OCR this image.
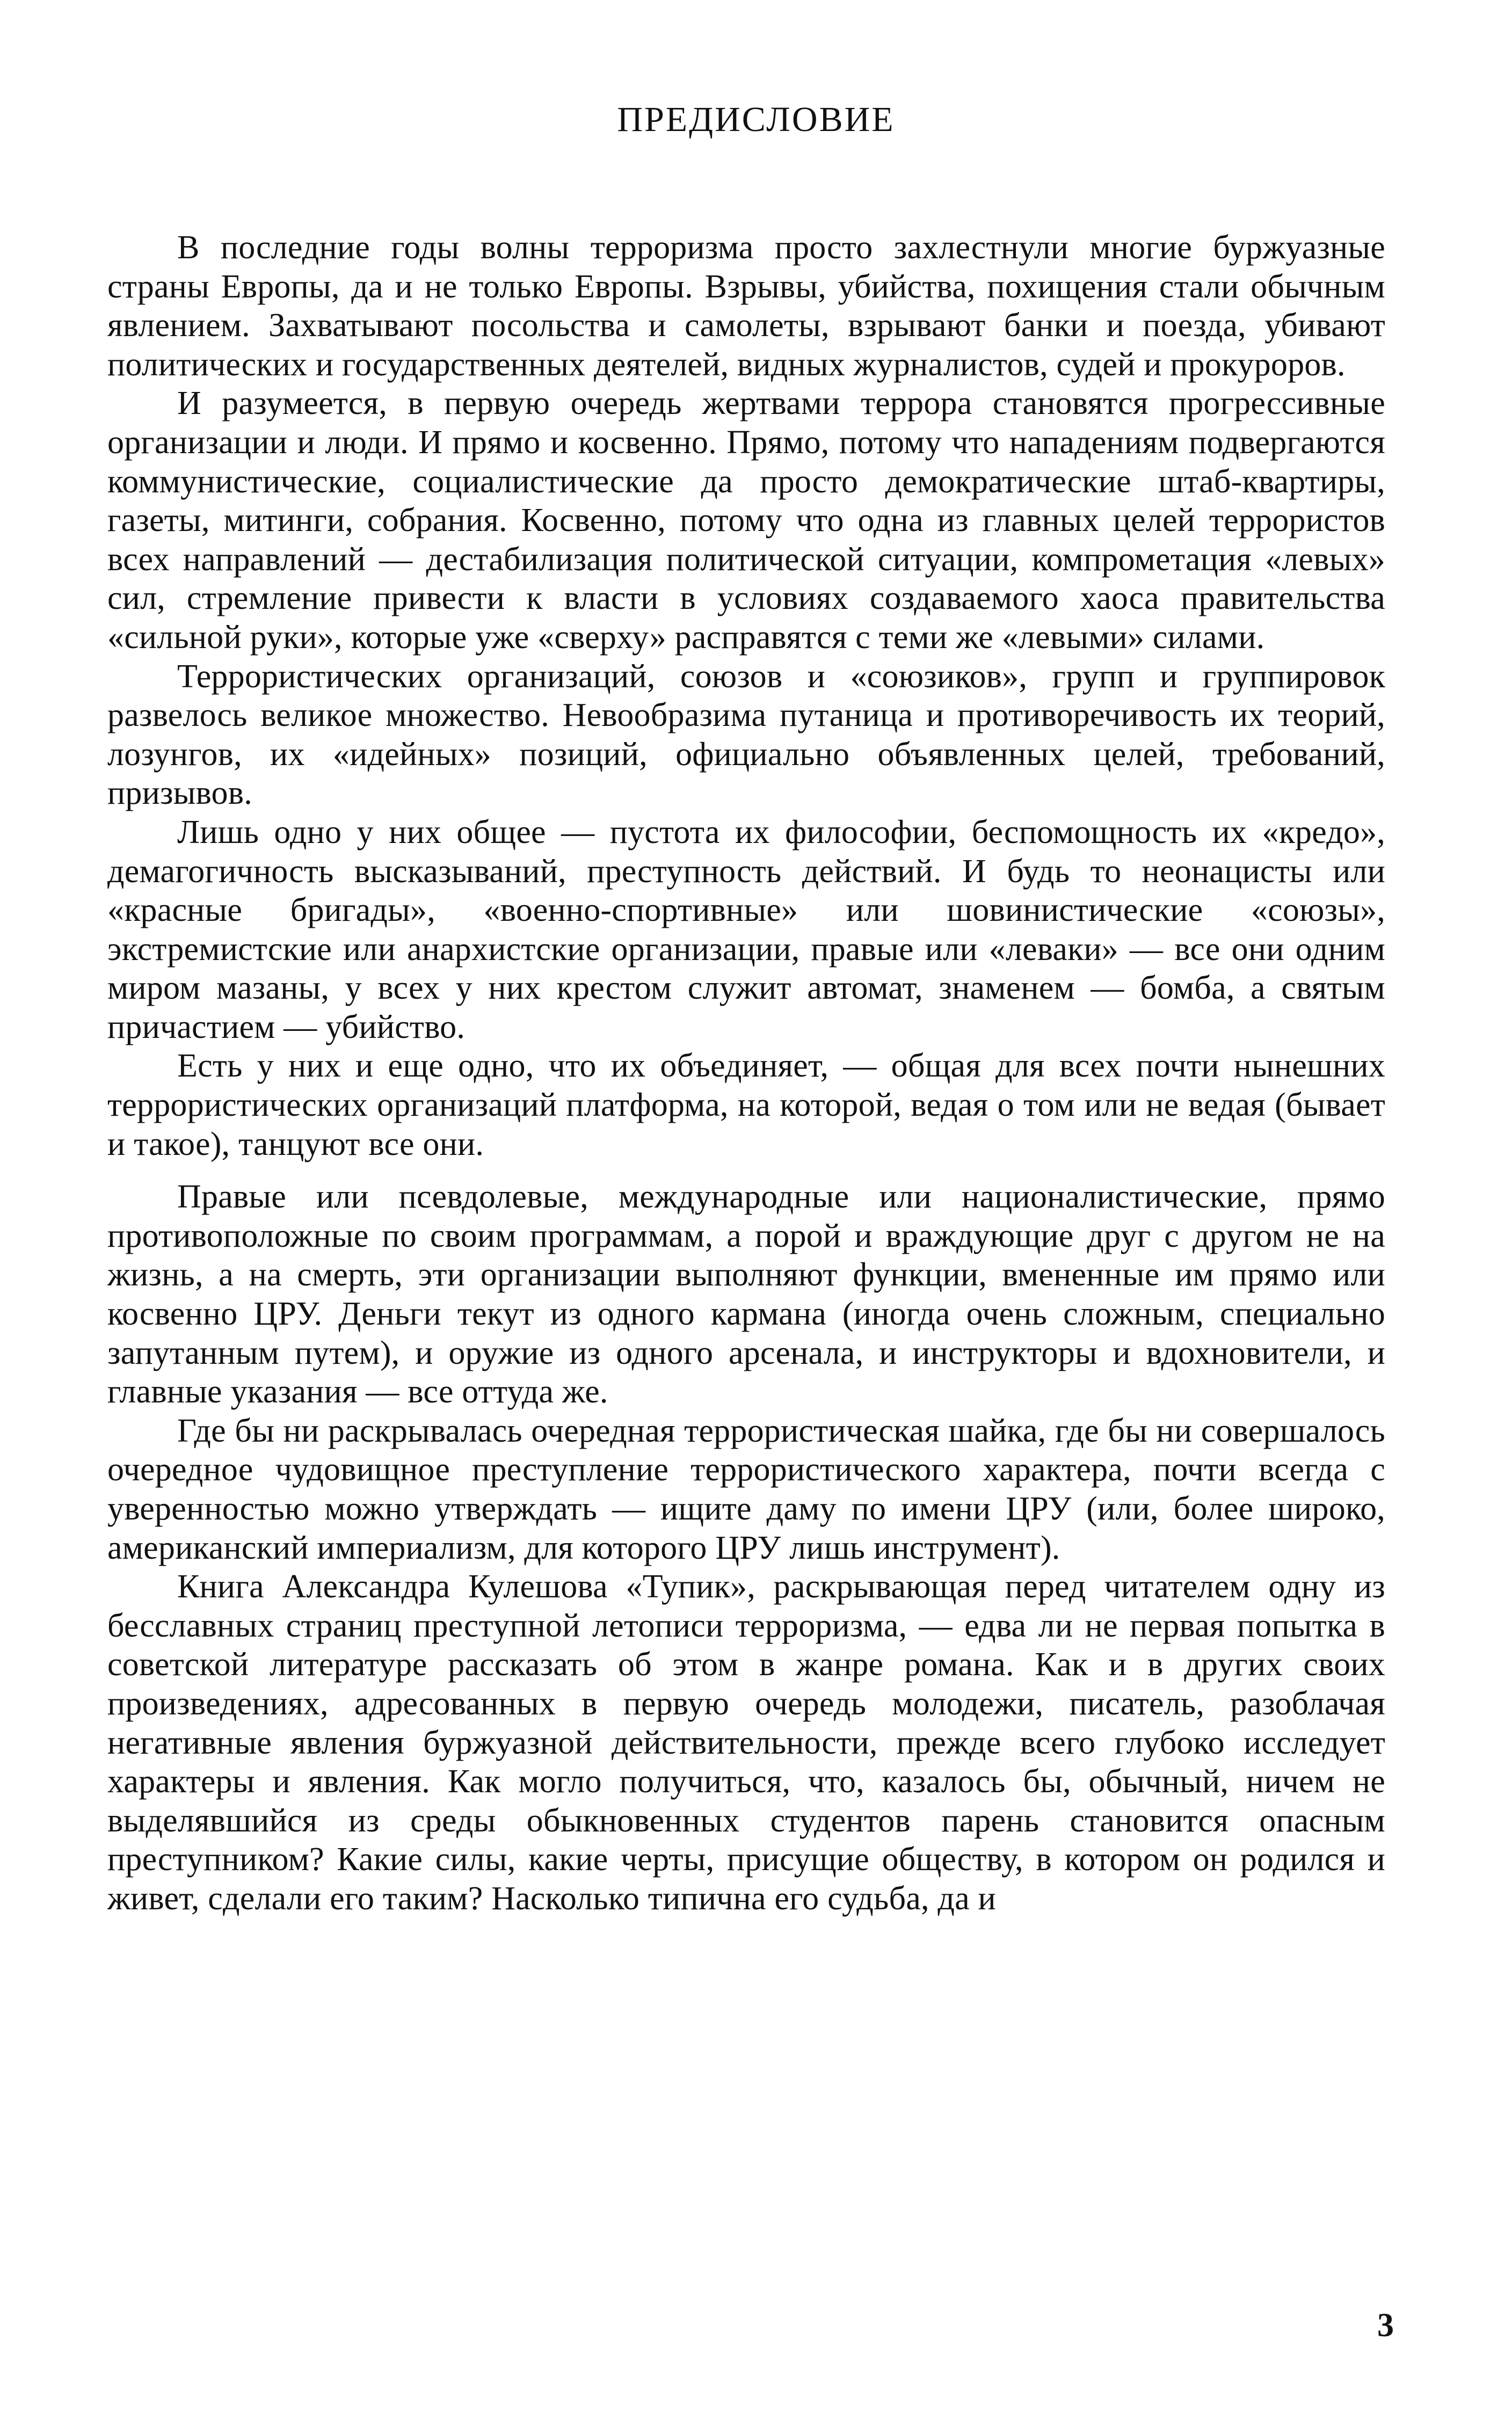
ПРЕДИСЛОВИЕ

В последние годы волны терроризма просто захлестнули многие буржуазные страны Европы, да и не только Европы. Взрывы, убийства, похищения стали обычным явлением. Захватывают посольства и самолеты, взрывают банки и поезда, убивают политических и государственных деятелей, видных журналистов, судей и прокуроров.

И разумеется, в первую очередь жертвами террора становятся прогрессивные организации и люди. И прямо и косвенно. Прямо, потому что нападениям подвергаются коммунистические, социалистические да просто демократические штаб-квартиры, газеты, митинги, собрания. Косвенно, потому что одна из главных целей террористов всех направлений — дестабилизация политической ситуации, компрометация «левых» сил, стремление привести к власти в условиях создаваемого хаоса правительства «сильной руки», которые уже «сверху» расправятся с теми же «левыми» силами.

Террористических организаций, союзов и «союзиков», групп и группировок развелось великое множество. Невообразима путаница и противоречивость их теорий, лозунгов, их «идейных» позиций, официально объявленных целей, требований, призывов.

Лишь одно у них общее — пустота их философии, беспомощность их «кредо», демагогичность высказываний, преступность действий. И будь то неонацисты или «красные бригады», «военно-спортивные» или шовинистические «союзы», экстремистские или анархистские организации, правые или «леваки» — все они одним миром мазаны, у всех у них крестом служит автомат, знаменем — бомба, а святым причастием — убийство.

Есть у них и еще одно, что их объединяет, — общая для всех почти нынешних террористических организаций платформа, на которой, ведая о том или не ведая (бывает и такое), танцуют все они.

Правые или псевдолевые, международные или националистические, прямо противоположные по своим программам, а порой и враждующие друг с другом не на жизнь, а на смерть, эти организации выполняют функции, вмененные им прямо или косвенно ЦРУ. Деньги текут из одного кармана (иногда очень сложным, специально запутанным путем), и оружие из одного арсенала, и инструкторы и вдохновители, и главные указания — все оттуда же.

Где бы ни раскрывалась очередная террористическая шайка, где бы ни совершалось очередное чудовищное преступление террористического характера, почти всегда с уверенностью можно утверждать — ищите даму по имени ЦРУ (или, более широко, американский империализм, для которого ЦРУ лишь инструмент).

Книга Александра Кулешова «Тупик», раскрывающая перед читателем одну из бесславных страниц преступной летописи терроризма, — едва ли не первая попытка в советской литературе рассказать об этом в жанре романа. Как и в других своих произведениях, адресованных в первую очередь молодежи, писатель, разоблачая негативные явления буржуазной действительности, прежде всего глубоко исследует характеры и явления. Как могло получиться, что, казалось бы, обычный, ничем не выделявшийся из среды обыкновенных студентов парень становится опасным преступником? Какие силы, какие черты, присущие обществу, в котором он родился и живет, сделали его таким? Насколько типична его судьба, да и

3
